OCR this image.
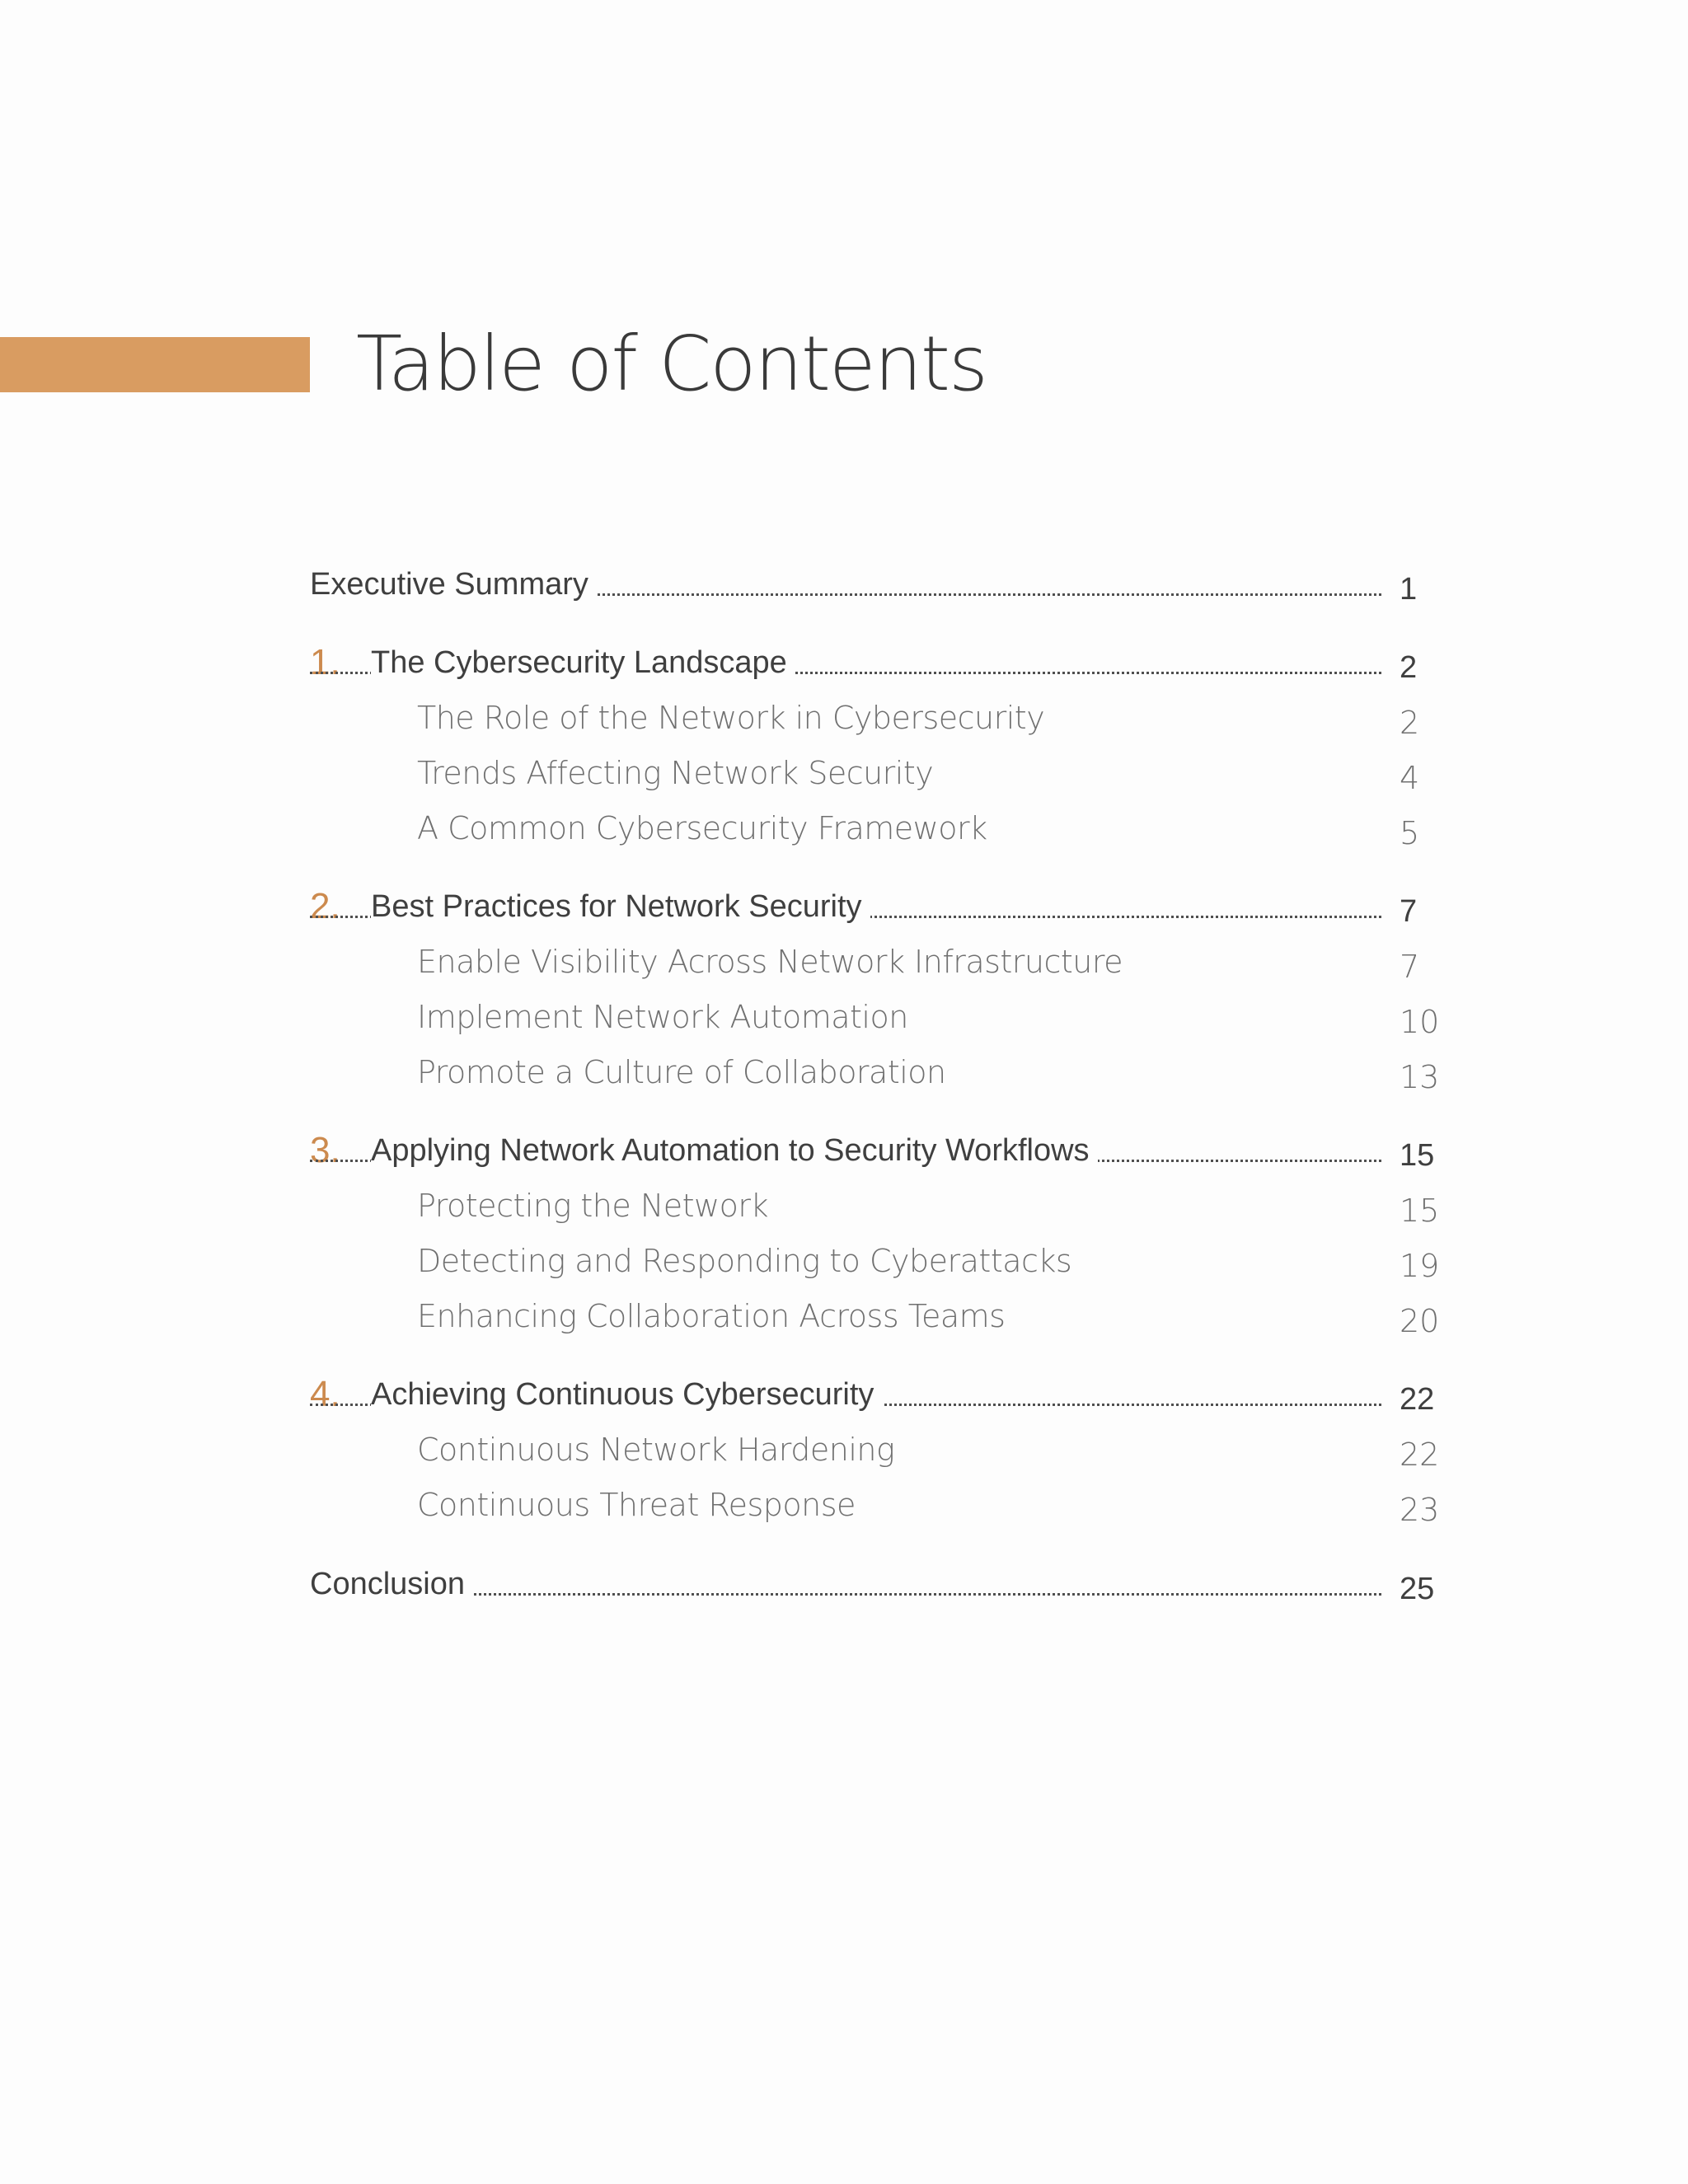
Table of Contents
Executive Summary	1
1. The Cybersecurity Landscape	2
The Role of the Network in Cybersecurity	2
Trends Affecting Network Security	4
A Common Cybersecurity Framework	5
2. Best Practices for Network Security	7
Enable Visibility Across Network Infrastructure	7
Implement Network Automation	10
Promote a Culture of Collaboration	13
3. Applying Network Automation to Security Workflows	15
Protecting the Network	15
Detecting and Responding to Cyberattacks	19
Enhancing Collaboration Across Teams	20
4. Achieving Continuous Cybersecurity	22
Continuous Network Hardening	22
Continuous Threat Response	23
Conclusion	25
